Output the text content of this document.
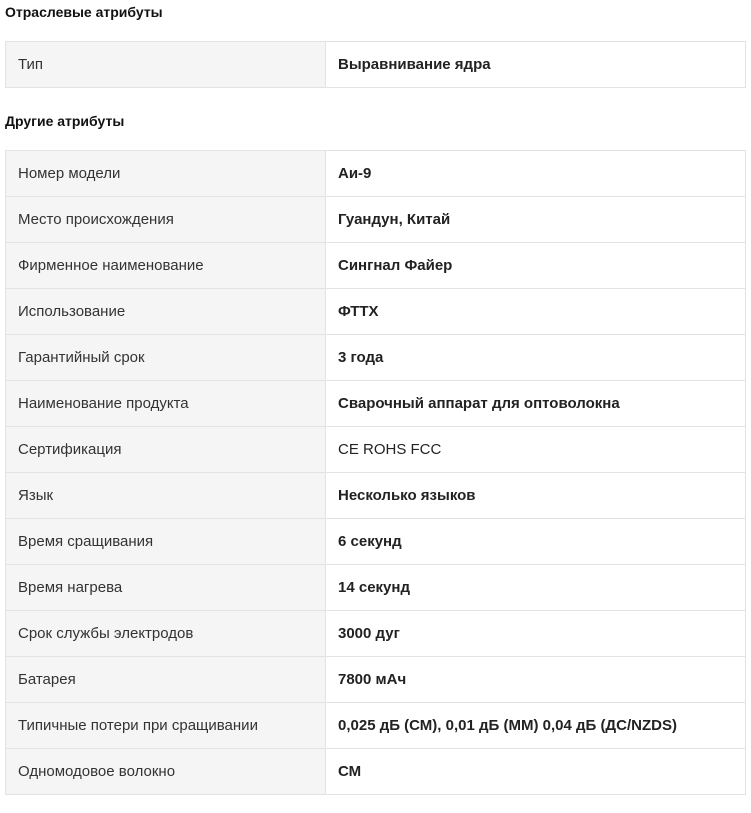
Отраслевые атрибуты
Тип	Выравнивание ядра
Другие атрибуты
Номер модели	Аи-9
Место происхождения	Гуандун, Китай
Фирменное наименование	Сингнал Файер
Использование	ФТТХ
Гарантийный срок	3 года
Наименование продукта	Сварочный аппарат для оптоволокна
Сертификация	CE ROHS FCC
Язык	Несколько языков
Время сращивания	6 секунд
Время нагрева	14 секунд
Срок службы электродов	3000 дуг
Батарея	7800 мАч
Типичные потери при сращивании	0,025 дБ (СМ), 0,01 дБ (ММ) 0,04 дБ (ДС/NZDS)
Одномодовое волокно	СМ
